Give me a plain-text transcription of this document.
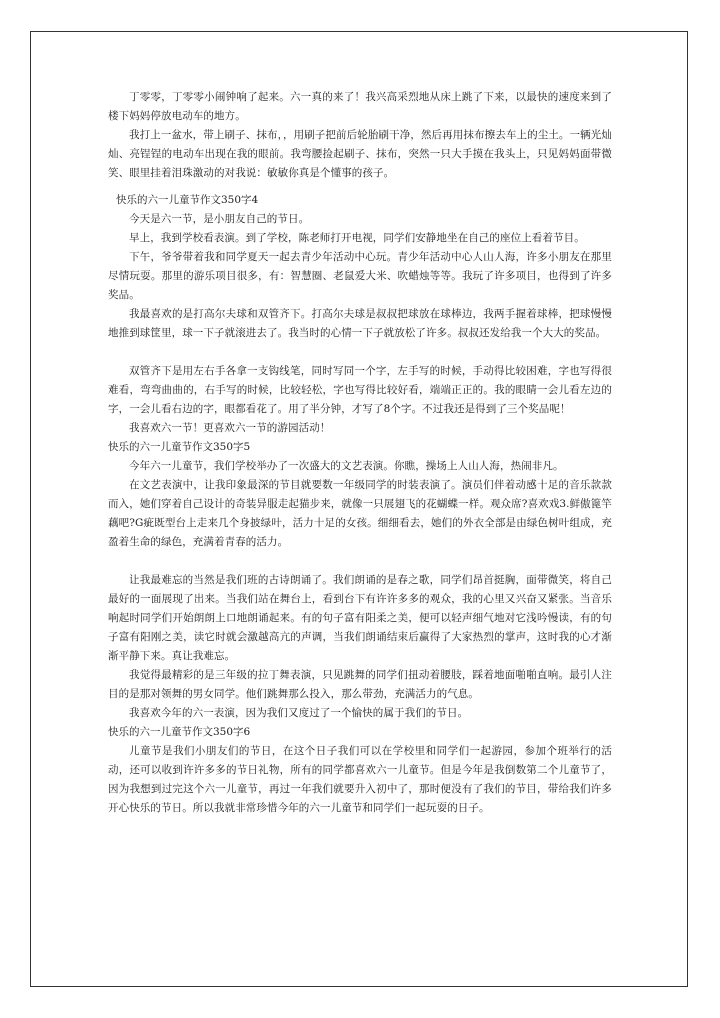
丁零零，丁零零小闹钟响了起来。六一真的来了！我兴高采烈地从床上跳了下来，以最快的速度来到了楼下妈妈停放电动车的地方。

我打上一盆水，带上刷子、抹布，，用刷子把前后轮胎刷干净，然后再用抹布擦去车上的尘土。一辆光灿灿、亮锃锃的电动车出现在我的眼前。我弯腰捡起刷子、抹布，突然一只大手摸在我头上，只见妈妈面带微笑、眼里挂着泪珠激动的对我说：敏敏你真是个懂事的孩子。

快乐的六一儿童节作文350字4

今天是六一节，是小朋友自己的节日。

早上，我到学校看表演。到了学校，陈老师打开电视，同学们安静地坐在自己的座位上看着节目。

下午，爷爷带着我和同学夏天一起去青少年活动中心玩。青少年活动中心人山人海，许多小朋友在那里尽情玩耍。那里的游乐项目很多，有：智慧圈、老鼠爱大米、吹蜡烛等等。我玩了许多项目，也得到了许多奖品。

我最喜欢的是打高尔夫球和双管齐下。打高尔夫球是叔叔把球放在球棒边，我两手握着球棒，把球慢慢地推到球筐里，球一下子就滚进去了。我当时的心情一下子就放松了许多。叔叔还发给我一个大大的奖品。

双管齐下是用左右手各拿一支钩线笔，同时写同一个字，左手写的时候，手动得比较困难，字也写得很难看，弯弯曲曲的，右手写的时候，比较轻松，字也写得比较好看，端端正正的。我的眼睛一会儿看左边的字，一会儿看右边的字，眼都看花了。用了半分钟，才写了8个字。不过我还是得到了三个奖品呢！

我喜欢六一节！更喜欢六一节的游园活动！

快乐的六一儿童节作文350字5

今年六一儿童节，我们学校举办了一次盛大的文艺表演。你瞧，操场上人山人海，热闹非凡。

在文艺表演中，让我印象最深的节目就要数一年级同学的时装表演了。演员们伴着动感十足的音乐款款而入，她们穿着自己设计的奇装异服走起猫步来，就像一只展翅飞的花蝴蝶一样。观众席?喜欢戏3.鲜傲篦竿藕吧?G疵既型台上走来几个身披绿叶，活力十足的女孩。细细看去，她们的外衣全部是由绿色树叶组成，充盈着生命的绿色，充满着青春的活力。

让我最难忘的当然是我们班的古诗朗诵了。我们朗诵的是春之歌，同学们昂首挺胸，面带微笑，将自己最好的一面展现了出来。当我们站在舞台上，看到台下有许许多多的观众，我的心里又兴奋又紧张。当音乐响起时同学们开始朗朗上口地朗诵起来。有的句子富有阳柔之美，便可以轻声细气地对它浅吟慢读，有的句子富有阳刚之美，读它时就会激越高亢的声调，当我们朗诵结束后赢得了大家热烈的掌声，这时我的心才渐渐平静下来。真让我难忘。

我觉得最精彩的是三年级的拉丁舞表演，只见跳舞的同学们扭动着腰肢，踩着地面啪啪直响。最引人注目的是那对领舞的男女同学。他们跳舞那么投入，那么带劲，充满活力的气息。

我喜欢今年的六一表演，因为我们又度过了一个愉快的属于我们的节日。

快乐的六一儿童节作文350字6

儿童节是我们小朋友们的节日，在这个日子我们可以在学校里和同学们一起游园，参加个班举行的活动，还可以收到许许多多的节日礼物，所有的同学都喜欢六一儿童节。但是今年是我倒数第二个儿童节了，因为我想到过完这个六一儿童节，再过一年我们就要升入初中了，那时便没有了我们的节目，带给我们许多开心快乐的节日。所以我就非常珍惜今年的六一儿童节和同学们一起玩耍的日子。
